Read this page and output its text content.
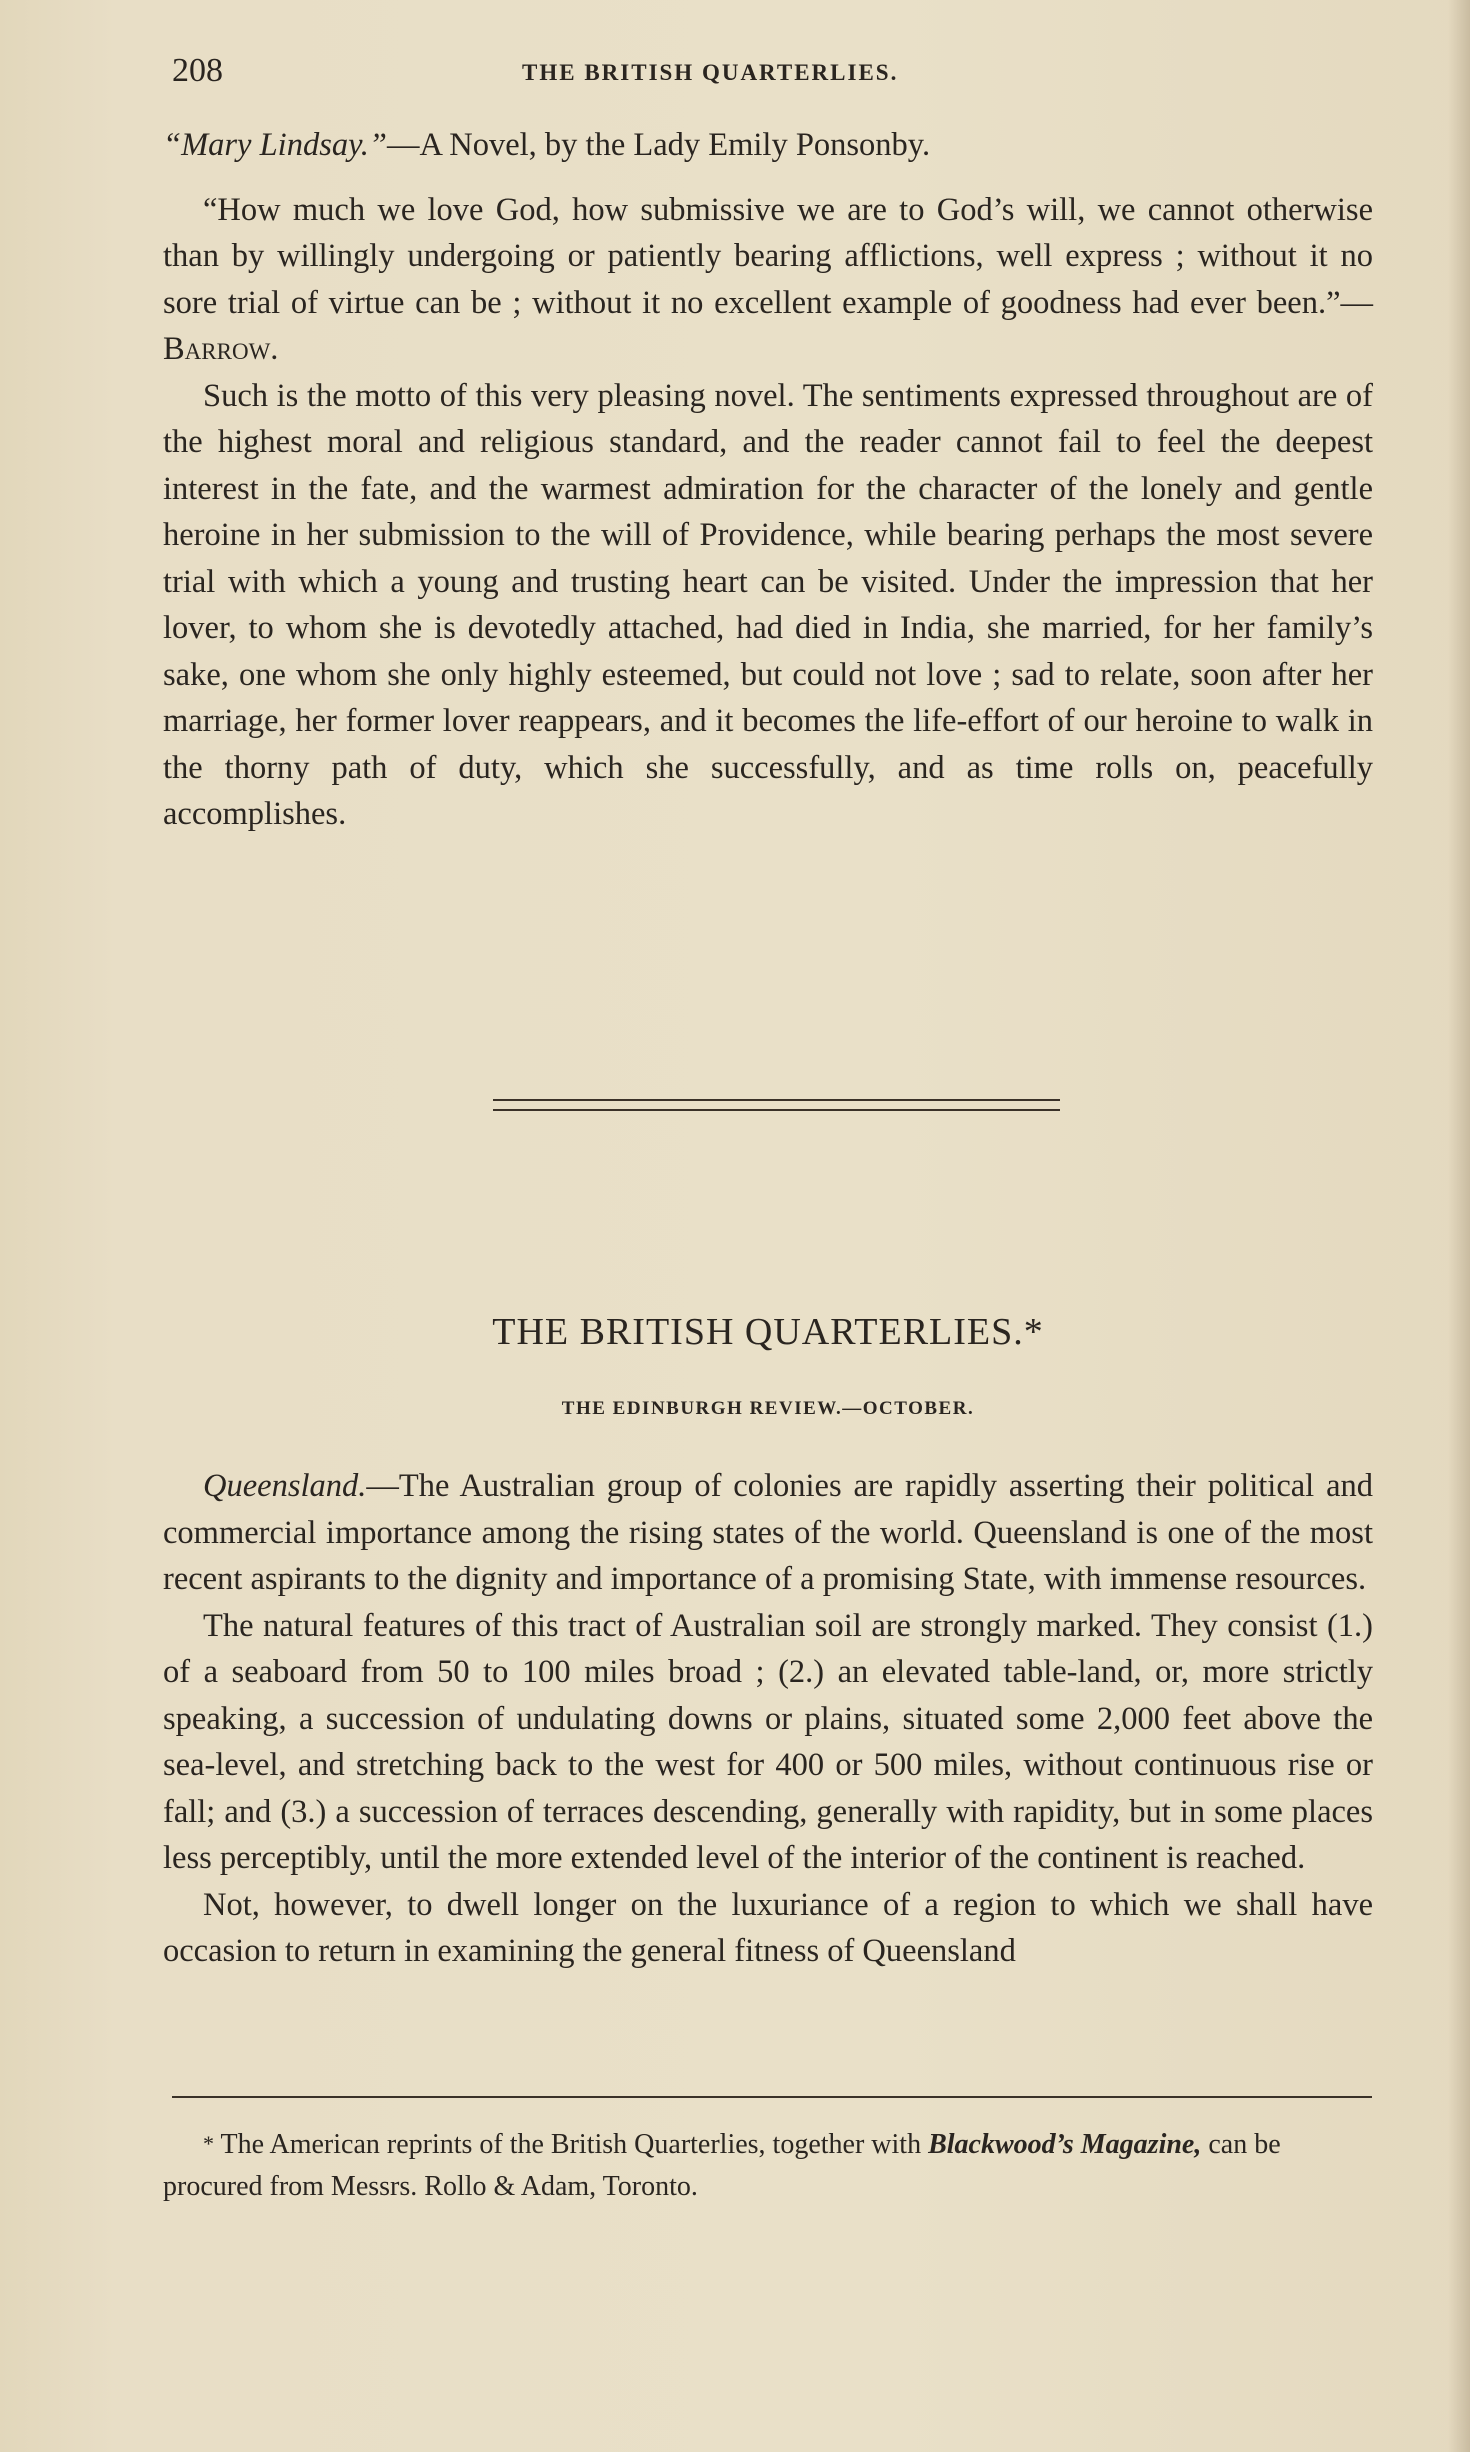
208	THE BRITISH QUARTERLIES.

“Mary Lindsay.”—A Novel, by the Lady Emily Ponsonby.

“How much we love God, how submissive we are to God’s will, we cannot otherwise than by willingly undergoing or patiently bearing afflictions, well express ; without it no sore trial of virtue can be ; without it no excellent example of goodness had ever been.”—Barrow.

Such is the motto of this very pleasing novel. The sentiments expressed throughout are of the highest moral and religious standard, and the reader cannot fail to feel the deepest interest in the fate, and the warmest admiration for the character of the lonely and gentle heroine in her submission to the will of Providence, while bearing perhaps the most severe trial with which a young and trusting heart can be visited. Under the impression that her lover, to whom she is devotedly attached, had died in India, she married, for her family’s sake, one whom she only highly esteemed, but could not love ; sad to relate, soon after her marriage, her former lover reappears, and it becomes the life-effort of our heroine to walk in the thorny path of duty, which she successfully, and as time rolls on, peacefully accomplishes.

THE BRITISH QUARTERLIES.*
THE EDINBURGH REVIEW.—OCTOBER.

Queensland.—The Australian group of colonies are rapidly asserting their political and commercial importance among the rising states of the world. Queensland is one of the most recent aspirants to the dignity and importance of a promising State, with immense resources.

The natural features of this tract of Australian soil are strongly marked. They consist (1.) of a seaboard from 50 to 100 miles broad ; (2.) an elevated table-land, or, more strictly speaking, a succession of undulating downs or plains, situated some 2,000 feet above the sea-level, and stretching back to the west for 400 or 500 miles, without continuous rise or fall; and (3.) a succession of terraces descending, generally with rapidity, but in some places less perceptibly, until the more extended level of the interior of the continent is reached.

Not, however, to dwell longer on the luxuriance of a region to which we shall have occasion to return in examining the general fitness of Queensland

* The American reprints of the British Quarterlies, together with Blackwood’s Magazine, can be procured from Messrs. Rollo & Adam, Toronto.
